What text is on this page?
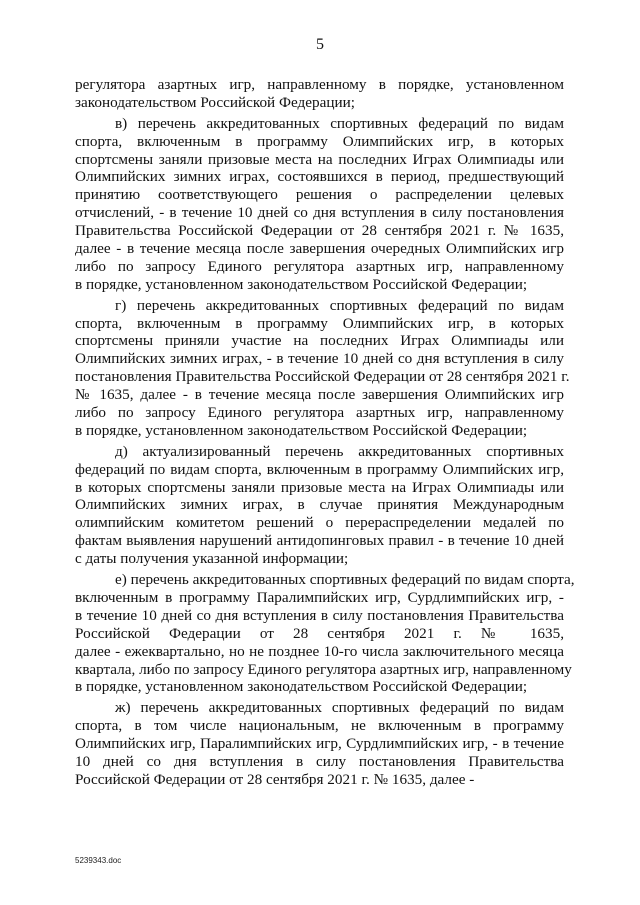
5
регулятора азартных игр, направленному в порядке, установленном
законодательством Российской Федерации;
в) перечень аккредитованных спортивных федераций по видам
спорта, включенным в программу Олимпийских игр, в которых
спортсмены заняли призовые места на последних Играх Олимпиады или
Олимпийских зимних играх, состоявшихся в период, предшествующий
принятию соответствующего решения о распределении целевых
отчислений, - в течение 10 дней со дня вступления в силу постановления
Правительства Российской Федерации от 28 сентября 2021 г. № 1635,
далее - в течение месяца после завершения очередных Олимпийских игр
либо по запросу Единого регулятора азартных игр, направленному
в порядке, установленном законодательством Российской Федерации;
г) перечень аккредитованных спортивных федераций по видам
спорта, включенным в программу Олимпийских игр, в которых
спортсмены приняли участие на последних Играх Олимпиады или
Олимпийских зимних играх, - в течение 10 дней со дня вступления в силу
постановления Правительства Российской Федерации от 28 сентября 2021 г.
№ 1635, далее - в течение месяца после завершения Олимпийских игр
либо по запросу Единого регулятора азартных игр, направленному
в порядке, установленном законодательством Российской Федерации;
д) актуализированный перечень аккредитованных спортивных
федераций по видам спорта, включенным в программу Олимпийских игр,
в которых спортсмены заняли призовые места на Играх Олимпиады или
Олимпийских зимних играх, в случае принятия Международным
олимпийским комитетом решений о перераспределении медалей по
фактам выявления нарушений антидопинговых правил - в течение 10 дней
с даты получения указанной информации;
е) перечень аккредитованных спортивных федераций по видам спорта,
включенным в программу Паралимпийских игр, Сурдлимпийских игр, -
в течение 10 дней со дня вступления в силу постановления Правительства
Российской Федерации от 28 сентября 2021 г. № 1635,
далее - ежеквартально, но не позднее 10-го числа заключительного месяца
квартала, либо по запросу Единого регулятора азартных игр, направленному
в порядке, установленном законодательством Российской Федерации;
ж) перечень аккредитованных спортивных федераций по видам
спорта, в том числе национальным, не включенным в программу
Олимпийских игр, Паралимпийских игр, Сурдлимпийских игр, - в течение
10 дней со дня вступления в силу постановления Правительства
Российской Федерации от 28 сентября 2021 г. № 1635, далее -
5239343.doc
